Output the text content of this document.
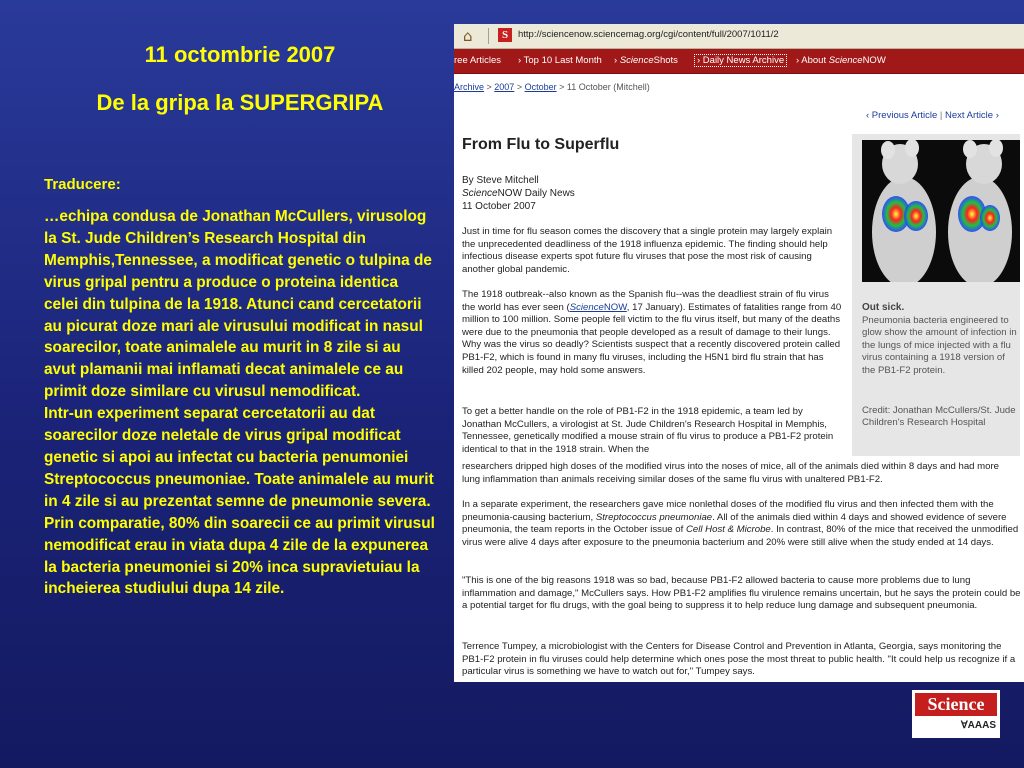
11 octombrie 2007
De la gripa la SUPERGRIPA
Traducere:

…echipa condusa de Jonathan McCullers, virusolog la St. Jude Children’s Research Hospital din Memphis,Tennessee, a modificat genetic o tulpina de virus gripal pentru a produce o proteina identica celei din tulpina de la 1918. Atunci cand cercetatorii au picurat doze mari ale virusului modificat in nasul soarecilor, toate animalele au murit in 8 zile si au avut plamanii mai inflamati decat animalele ce au primit doze similare cu virusul nemodificat.

Intr-un experiment separat cercetatorii au dat soarecilor doze neletale de virus gripal modificat genetic si apoi au infectat cu bacteria penumoniei Streptococcus pneumoniae. Toate animalele au murit in 4 zile si au prezentat semne de pneumonie severa. Prin comparatie, 80% din soarecii ce au primit virusul nemodificat erau in viata dupa 4 zile de la expunerea la bacteria pneumoniei si 20% inca supravietuiau la incheierea studiului dupa 14 zile.

⌂	S	http://sciencenow.sciencemag.org/cgi/content/full/2007/1011/2
ree Articles › Top 10 Last Month › ScienceShots	› Daily News Archive	› About ScienceNOW
Archive > 2007 > October > 11 October (Mitchell)
‹ Previous Article | Next Article ›
From Flu to Superflu
By Steve Mitchell
ScienceNOW Daily News
11 October 2007
Just in time for flu season comes the discovery that a single protein may largely explain the unprecedented deadliness of the 1918 influenza epidemic. The finding should help infectious disease experts spot future flu viruses that pose the most risk of causing another global pandemic.
The 1918 outbreak--also known as the Spanish flu--was the deadliest strain of flu virus the world has ever seen (ScienceNOW, 17 January). Estimates of fatalities range from 40 million to 100 million. Some people fell victim to the flu virus itself, but many of the deaths were due to the pneumonia that people developed as a result of damage to their lungs. Why was the virus so deadly? Scientists suspect that a recently discovered protein called PB1-F2, which is found in many flu viruses, including the H5N1 bird flu strain that has killed 202 people, may hold some answers.
To get a better handle on the role of PB1-F2 in the 1918 epidemic, a team led by Jonathan McCullers, a virologist at St. Jude Children's Research Hospital in Memphis, Tennessee, genetically modified a mouse strain of flu virus to produce a PB1-F2 protein identical to that in the 1918 strain. When the
researchers dripped high doses of the modified virus into the noses of mice, all of the animals died within 8 days and had more lung inflammation than animals receiving similar doses of the same flu virus with unaltered PB1-F2.
In a separate experiment, the researchers gave mice nonlethal doses of the modified flu virus and then infected them with the pneumonia-causing bacterium, Streptococcus pneumoniae. All of the animals died within 4 days and showed evidence of severe pneumonia, the team reports in the October issue of Cell Host & Microbe. In contrast, 80% of the mice that received the unmodified virus were alive 4 days after exposure to the pneumonia bacterium and 20% were still alive when the study ended at 14 days.
"This is one of the big reasons 1918 was so bad, because PB1-F2 allowed bacteria to cause more problems due to lung inflammation and damage," McCullers says. How PB1-F2 amplifies flu virulence remains uncertain, but he says the protein could be a potential target for flu drugs, with the goal being to suppress it to help reduce lung damage and subsequent pneumonia.
Terrence Tumpey, a microbiologist with the Centers for Disease Control and Prevention in Atlanta, Georgia, says monitoring the PB1-F2 protein in flu viruses could help determine which ones pose the most threat to public health. "It could help us recognize if a particular virus is something we have to watch out for," Tumpey says.
Out sick.
Pneumonia bacteria engineered to glow show the amount of infection in the lungs of mice injected with a flu virus containing a 1918 version of the PB1-F2 protein.
Credit: Jonathan McCullers/St. Jude Children's Research Hospital
Science
ⱯAAAS
